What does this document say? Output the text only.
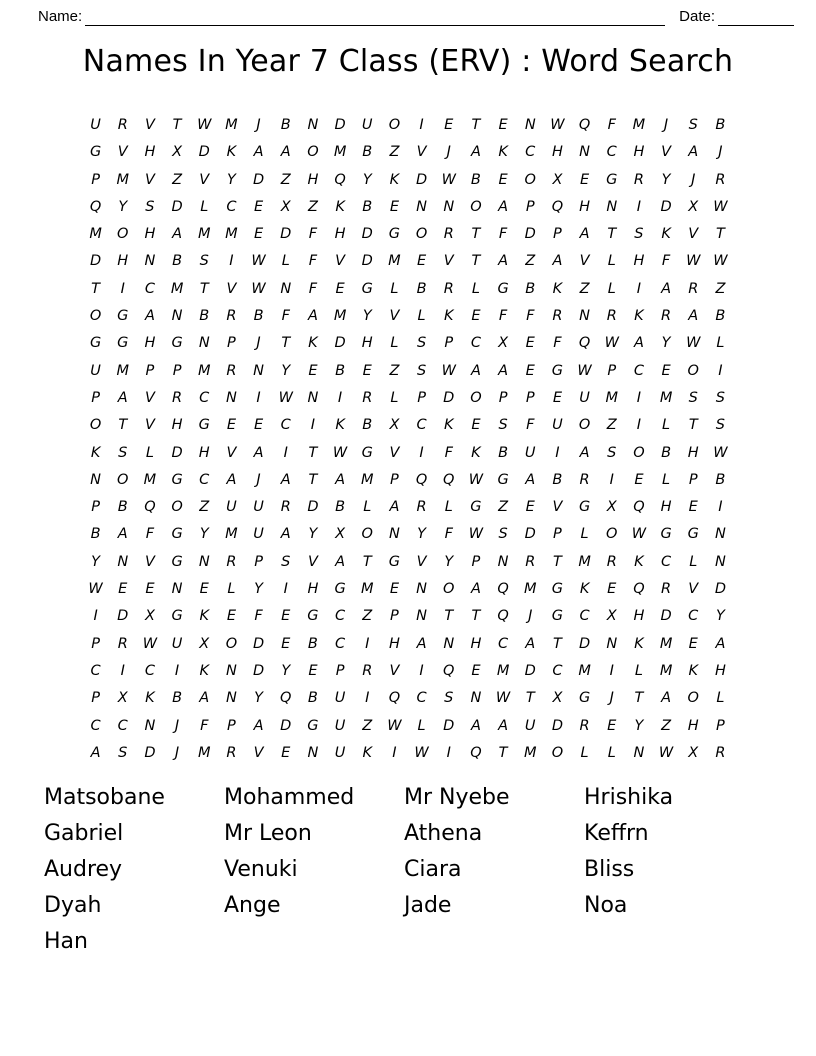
Name:	Date:
Names In Year 7 Class (ERV) : Word Search
U	R	V	T	W M	J	B	N	D	U	O	I	E	T	E	N	W Q	F	M	J	S	B
G	V	H	X	D	K	A	A	O	M	B	Z	V	J	A	K	C	H	N	C	H	V	A	J
P	M	V	Z	V	Y	D	Z	H	Q	Y	K	D W	B	E	O	X	E	G	R	Y	J	R
Q	Y	S	D	L	C	E	X	Z	K	B	E	N	N	O	A	P	Q	H	N	I	D	X	W
M	O	H	A	M	M	E	D	F	H	D	G	O	R	T	F	D	P	A	T	S	K	V	T
D	H	N	B	S	I	W	L	F	V	D	M	E	V	T	A	Z	A	V	L	H	F	W W
T	I	C	M	T	V	W	N	F	E	G	L	B	R	L	G	B	K	Z	L	I	A	R	Z
O	G	A	N	B	R	B	F	A	M	Y	V	L	K	E	F	F	R	N	R	K	R	A	B
G	G	H	G	N	P	J	T	K	D	H	L	S	P	C	X	E	F	Q W	A	Y	W	L
U	M	P	P	M	R	N	Y	E	B	E	Z	S	W	A	A	E	G W	P	C	E	O	I
P	A	V	R	C	N	I	W	N	I	R	L	P	D	O	P	P	E	U	M	I	M	S	S
O	T	V	H	G	E	E	C	I	K	B	X	C	K	E	S	F	U	O	Z	I	L	T	S
K	S	L	D	H	V	A	I	T	W G	V	I	F	K	B	U	I	A	S	O	B	H	W
N	O	M	G	C	A	J	A	T	A	M	P	Q	Q W G	A	B	R	I	E	L	P	B
P	B	Q	O	Z	U	U	R	D	B	L	A	R	L	G	Z	E	V	G	X	Q	H	E	I
B	A	F	G	Y	M	U	A	Y	X	O	N	Y	F	W	S	D	P	L	O W G	G	N
Y	N	V	G	N	R	P	S	V	A	T	G	V	Y	P	N	R	T	M	R	K	C	L	N
W	E	E	N	E	L	Y	I	H	G	M	E	N	O	A	Q	M	G	K	E	Q	R	V	D
I	D	X	G	K	E	F	E	G	C	Z	P	N	T	T	Q	J	G	C	X	H	D	C	Y
P	R	W	U	X	O	D	E	B	C	I	H	A	N	H	C	A	T	D	N	K	M	E	A
C	I	C	I	K	N	D	Y	E	P	R	V	I	Q	E	M	D	C	M	I	L	M	K	H
P	X	K	B	A	N	Y	Q	B	U	I	Q	C	S	N	W	T	X	G	J	T	A	O	L
C	C	N	J	F	P	A	D	G	U	Z	W	L	D	A	A	U	D	R	E	Y	Z	H	P
A	S	D	J	M	R	V	E	N	U	K	I	W	I	Q	T	M	O	L	L	N	W	X	R
Matsobane	Mohammed	Mr Nyebe	Hrishika
Gabriel	Mr Leon	Athena	Keffrn
Audrey	Venuki	Ciara	Bliss
Dyah	Ange	Jade	Noa
Han
